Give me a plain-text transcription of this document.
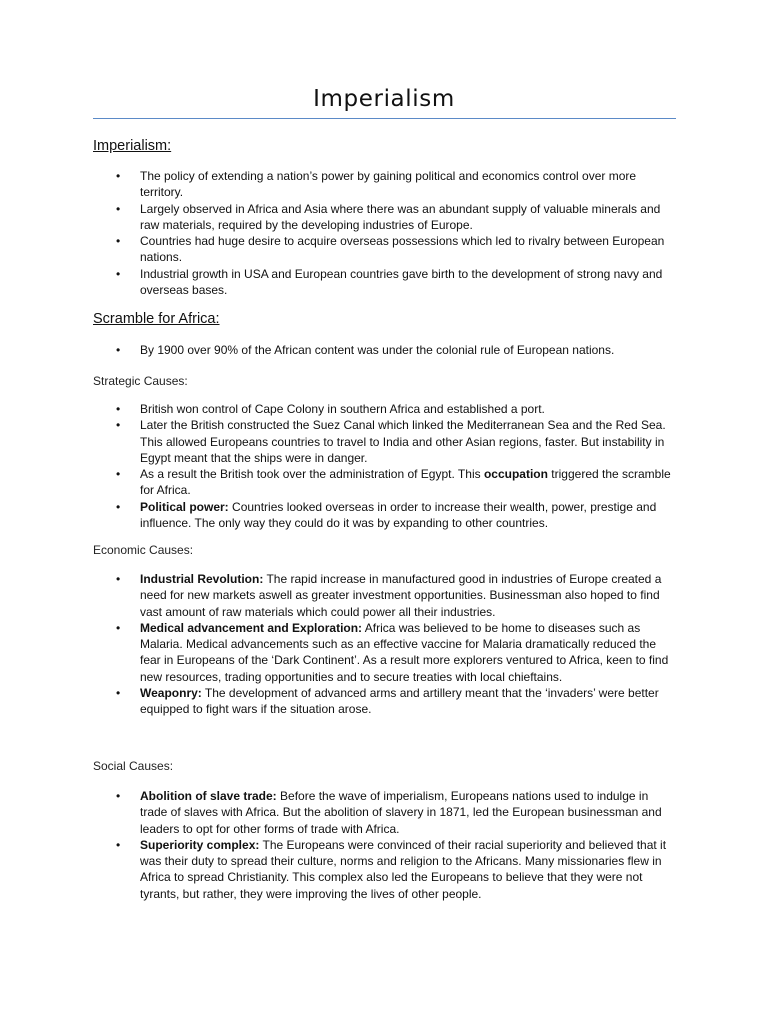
Imperialism
Imperialism:
• The policy of extending a nation’s power by gaining political and economics control over more territory.
• Largely observed in Africa and Asia where there was an abundant supply of valuable minerals and raw materials, required by the developing industries of Europe.
• Countries had huge desire to acquire overseas possessions which led to rivalry between European nations.
• Industrial growth in USA and European countries gave birth to the development of strong navy and overseas bases.
Scramble for Africa:
• By 1900 over 90% of the African content was under the colonial rule of European nations.
Strategic Causes:
• British won control of Cape Colony in southern Africa and established a port.
• Later the British constructed the Suez Canal which linked the Mediterranean Sea and the Red Sea. This allowed Europeans countries to travel to India and other Asian regions, faster. But instability in Egypt meant that the ships were in danger.
• As a result the British took over the administration of Egypt. This occupation triggered the scramble for Africa.
• Political power: Countries looked overseas in order to increase their wealth, power, prestige and influence. The only way they could do it was by expanding to other countries.
Economic Causes:
• Industrial Revolution: The rapid increase in manufactured good in industries of Europe created a need for new markets aswell as greater investment opportunities. Businessman also hoped to find vast amount of raw materials which could power all their industries.
• Medical advancement and Exploration: Africa was believed to be home to diseases such as Malaria. Medical advancements such as an effective vaccine for Malaria dramatically reduced the fear in Europeans of the ‘Dark Continent’. As a result more explorers ventured to Africa, keen to find new resources, trading opportunities and to secure treaties with local chieftains.
• Weaponry: The development of advanced arms and artillery meant that the ‘invaders’ were better equipped to fight wars if the situation arose.
Social Causes:
• Abolition of slave trade: Before the wave of imperialism, Europeans nations used to indulge in trade of slaves with Africa. But the abolition of slavery in 1871, led the European businessman and leaders to opt for other forms of trade with Africa.
• Superiority complex: The Europeans were convinced of their racial superiority and believed that it was their duty to spread their culture, norms and religion to the Africans. Many missionaries flew in Africa to spread Christianity. This complex also led the Europeans to believe that they were not tyrants, but rather, they were improving the lives of other people.
